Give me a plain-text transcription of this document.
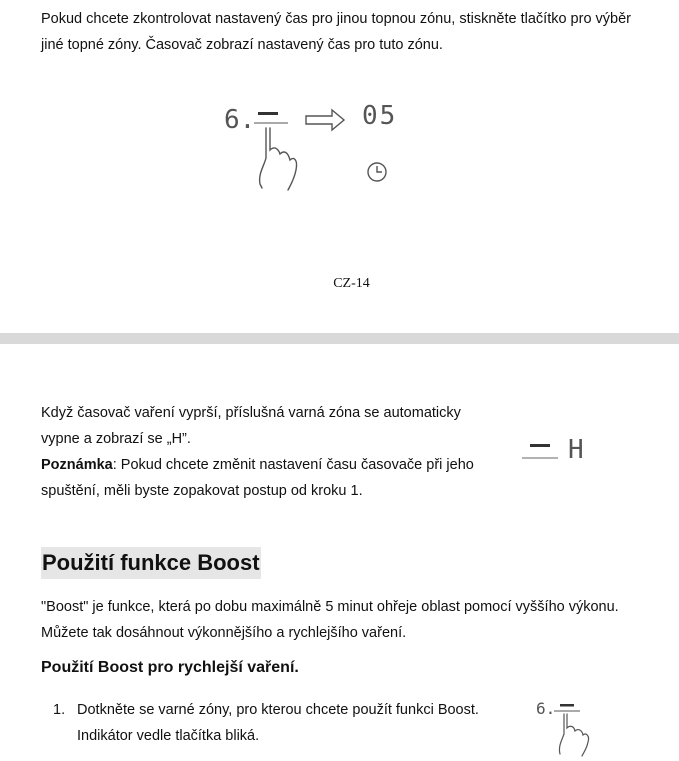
Pokud chcete zkontrolovat nastavený čas pro jinou topnou zónu, stiskněte tlačítko pro výběr jiné topné zóny. Časovač zobrazí nastavený čas pro tuto zónu.
6.	05
CZ-14
Když časovač vaření vyprší, příslušná varná zóna se automaticky vypne a zobrazí se „H”.
Poznámka: Pokud chcete změnit nastavení času časovače při jeho spuštění, měli byste zopakovat postup od kroku 1.
H
Použití funkce Boost
"Boost" je funkce, která po dobu maximálně 5 minut ohřeje oblast pomocí vyššího výkonu. Můžete tak dosáhnout výkonnějšího a rychlejšího vaření.
Použití Boost pro rychlejší vaření.
1. Dotkněte se varné zóny, pro kterou chcete použít funkci Boost. Indikátor vedle tlačítka bliká.
6.
